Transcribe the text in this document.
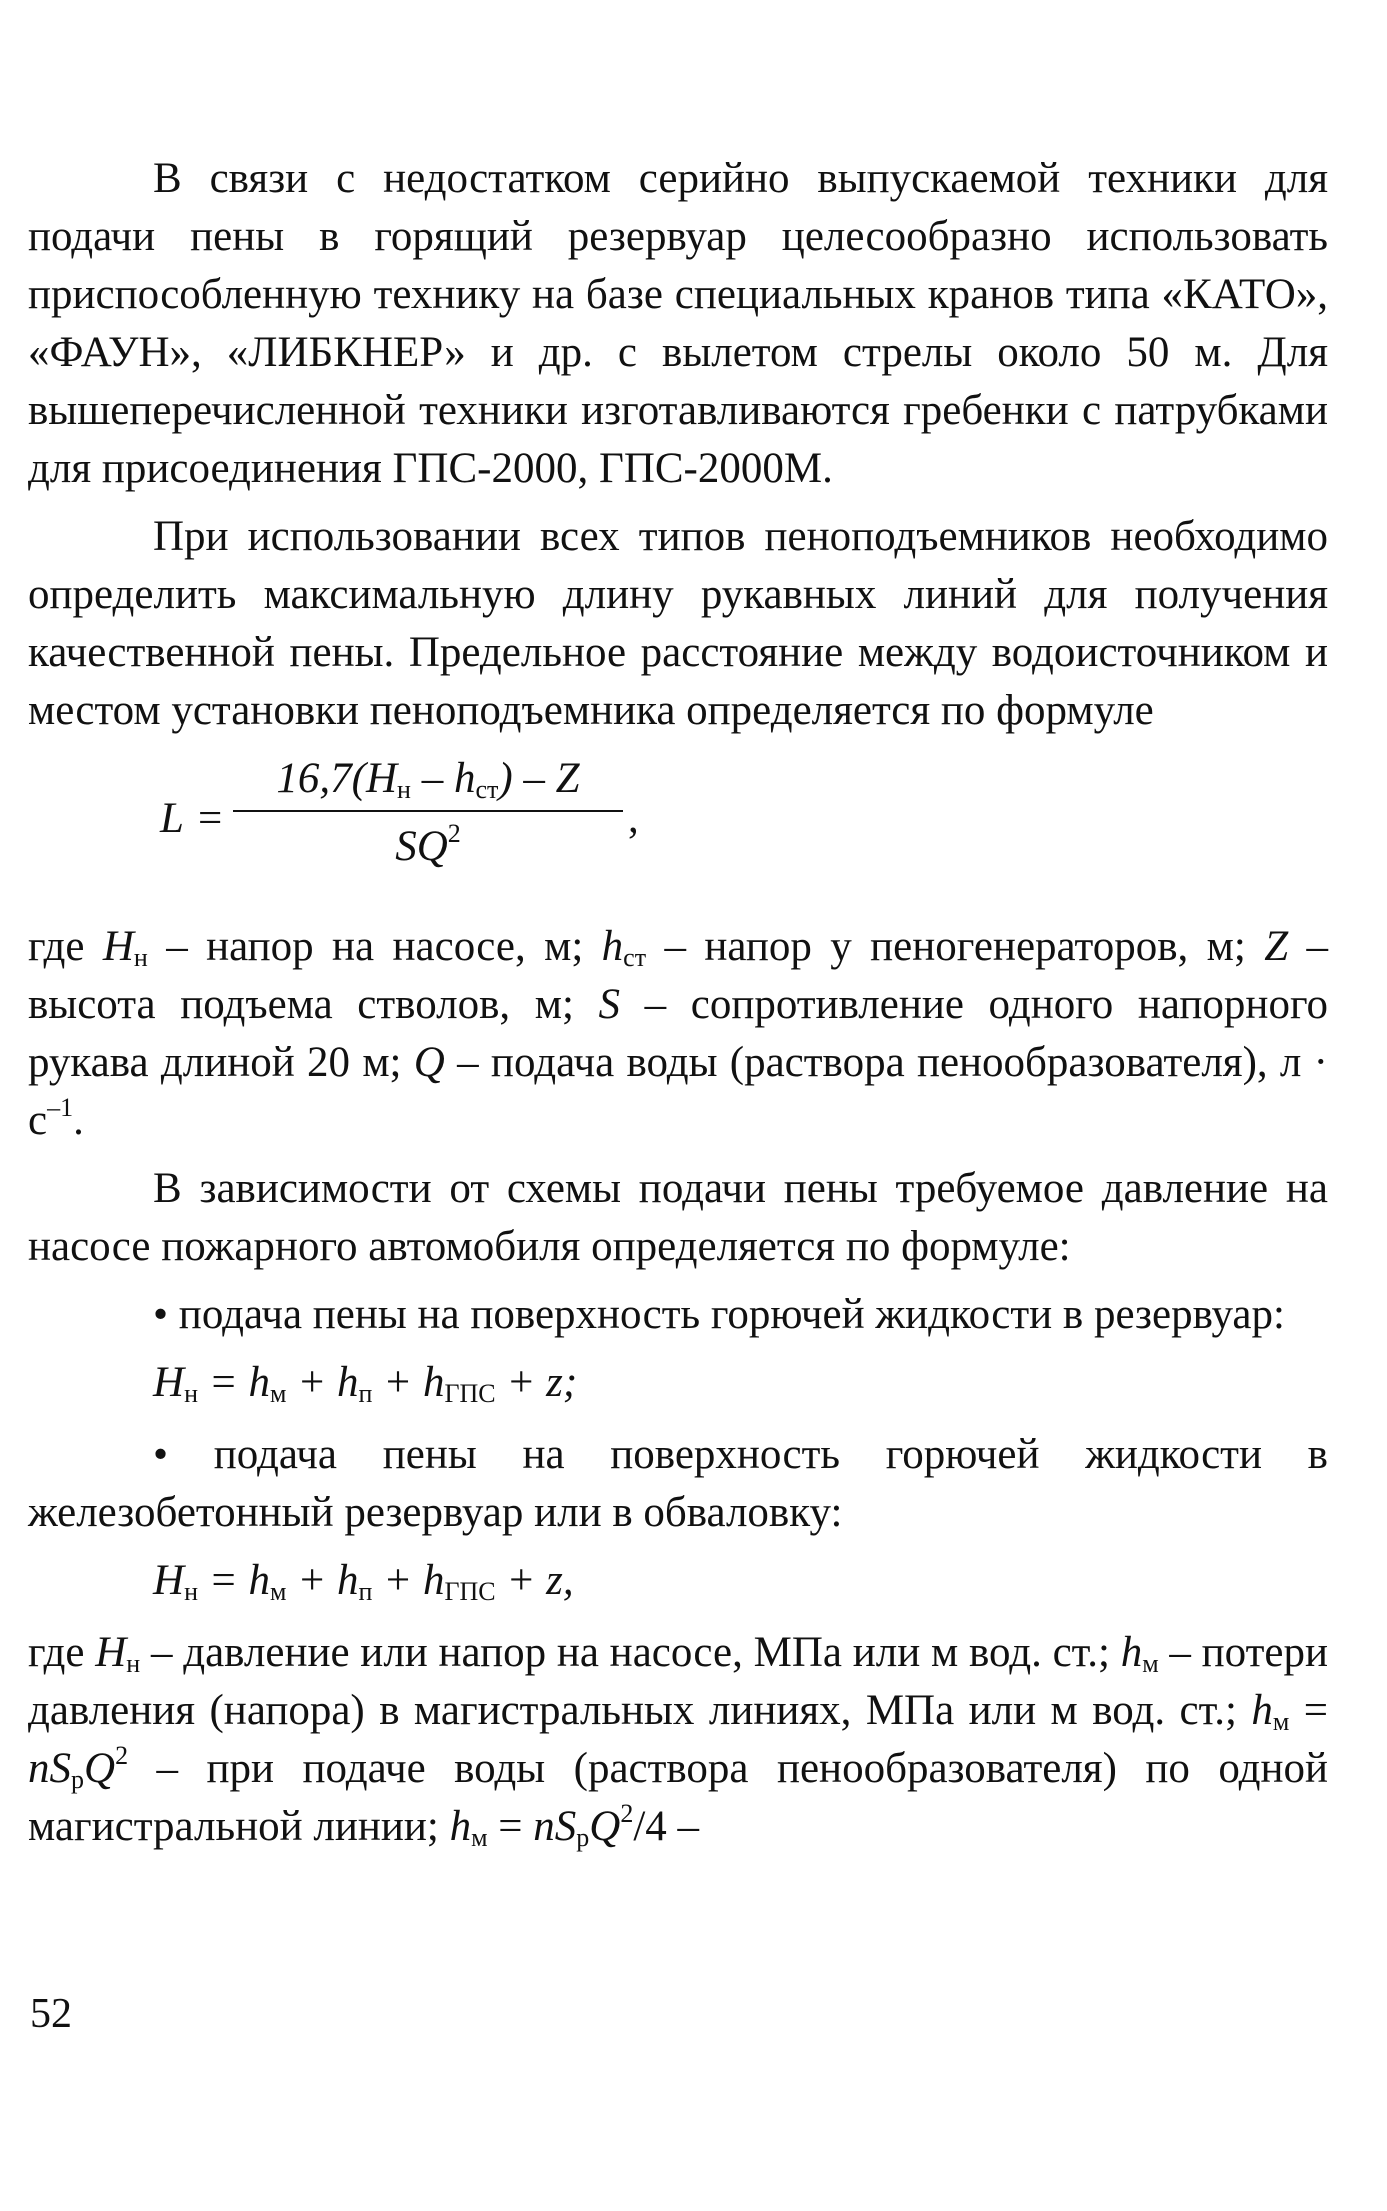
В связи с недостатком серийно выпускаемой техники для подачи пены в горящий резервуар целесообразно использовать приспособленную технику на базе специальных кранов типа «КАТО», «ФАУН», «ЛИБКНЕР» и др. с вылетом стрелы около 50 м. Для вышеперечисленной техники изготавливаются гребенки с патрубками для присоединения ГПС-2000, ГПС-2000М.

При использовании всех типов пеноподъемников необходимо определить максимальную длину рукавных линий для получения качественной пены. Предельное расстояние между водоисточником и местом установки пеноподъемника определяется по формуле

L =
$16,7(H_н - h_{ст})$ – Z
$SQ^2$	,

где $H_н$ – напор на насосе, м; $h_{ст}$ – напор у пеногенераторов, м; Z – высота подъема стволов, м; S – сопротивление одного напорного рукава длиной 20 м; Q – подача воды (раствора пенообразователя), $л \cdot с^{-1}$.

В зависимости от схемы подачи пены требуемое давление на насосе пожарного автомобиля определяется по формуле:

• подача пены на поверхность горючей жидкости в резервуар:

$H_н = h_м + h_п + h_{ГПС} + z$;

• подача пены на поверхность горючей жидкости в железобетонный резервуар или в обваловку:

$H_н = h_м + h_п + h_{ГПС} + z$,

где $H_н$ – давление или напор на насосе, МПа или м вод. ст.; $h_м$ – потери давления (напора) в магистральных линиях, МПа или м вод. ст.; $h_м = nS_рQ^2$ – при подаче воды (раствора пенообразователя) по одной магистральной линии; $h_м = nS_рQ^2/4$ –

52
